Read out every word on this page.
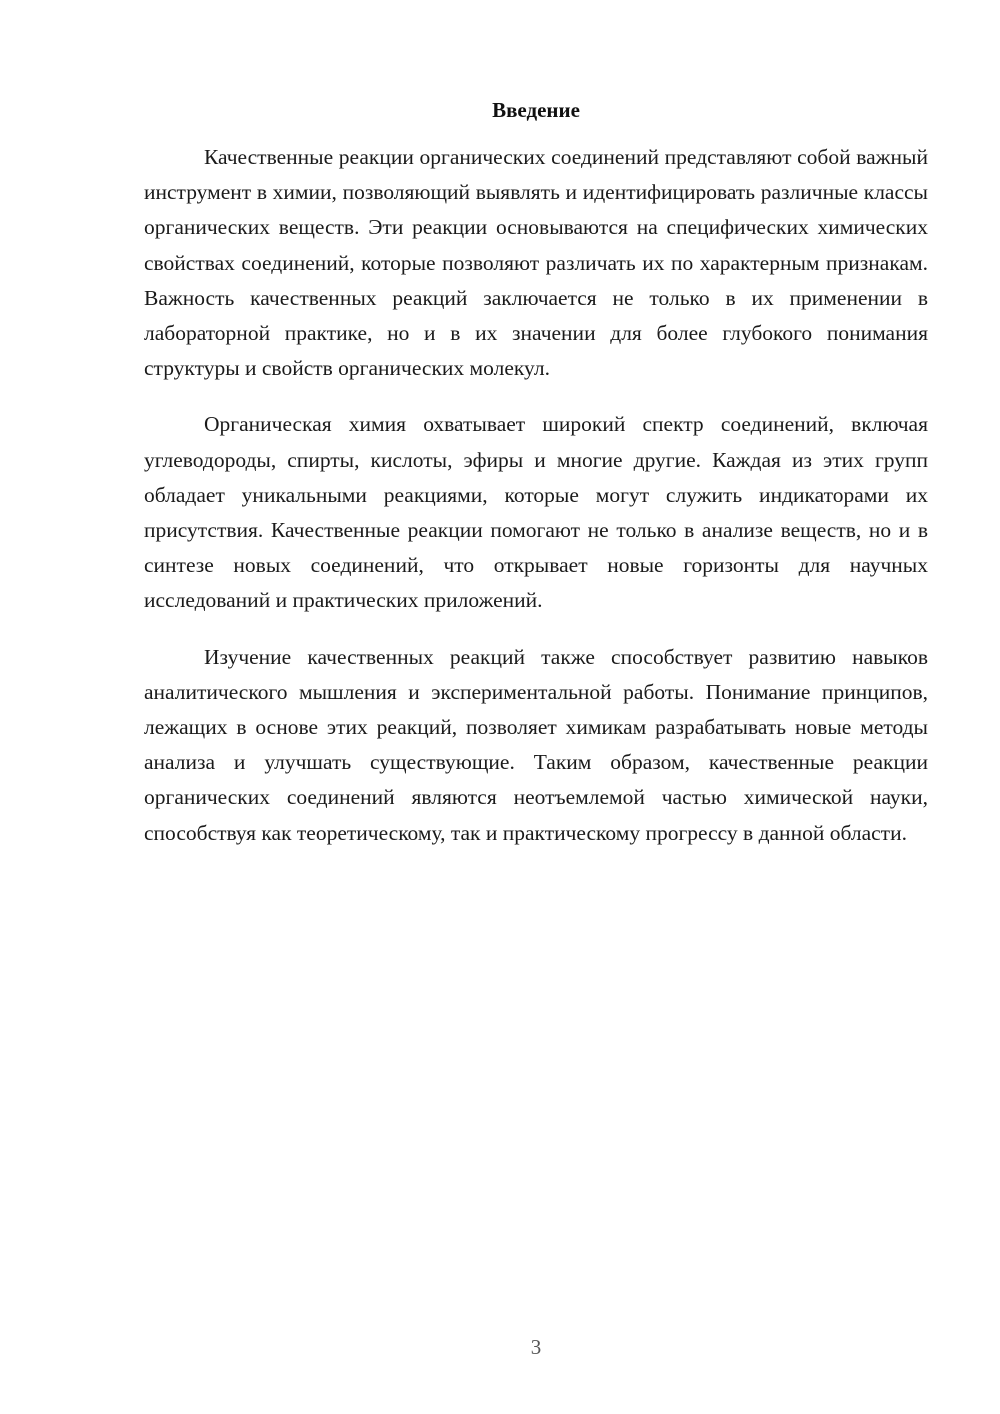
Введение

Качественные реакции органических соединений представляют собой важный инструмент в химии, позволяющий выявлять и идентифицировать различные классы органических веществ. Эти реакции основываются на специфических химических свойствах соединений, которые позволяют различать их по характерным признакам. Важность качественных реакций заключается не только в их применении в лабораторной практике, но и в их значении для более глубокого понимания структуры и свойств органических молекул.

Органическая химия охватывает широкий спектр соединений, включая углеводороды, спирты, кислоты, эфиры и многие другие. Каждая из этих групп обладает уникальными реакциями, которые могут служить индикаторами их присутствия. Качественные реакции помогают не только в анализе веществ, но и в синтезе новых соединений, что открывает новые горизонты для научных исследований и практических приложений.

Изучение качественных реакций также способствует развитию навыков аналитического мышления и экспериментальной работы. Понимание принципов, лежащих в основе этих реакций, позволяет химикам разрабатывать новые методы анализа и улучшать существующие. Таким образом, качественные реакции органических соединений являются неотъемлемой частью химической науки, способствуя как теоретическому, так и практическому прогрессу в данной области.

3
